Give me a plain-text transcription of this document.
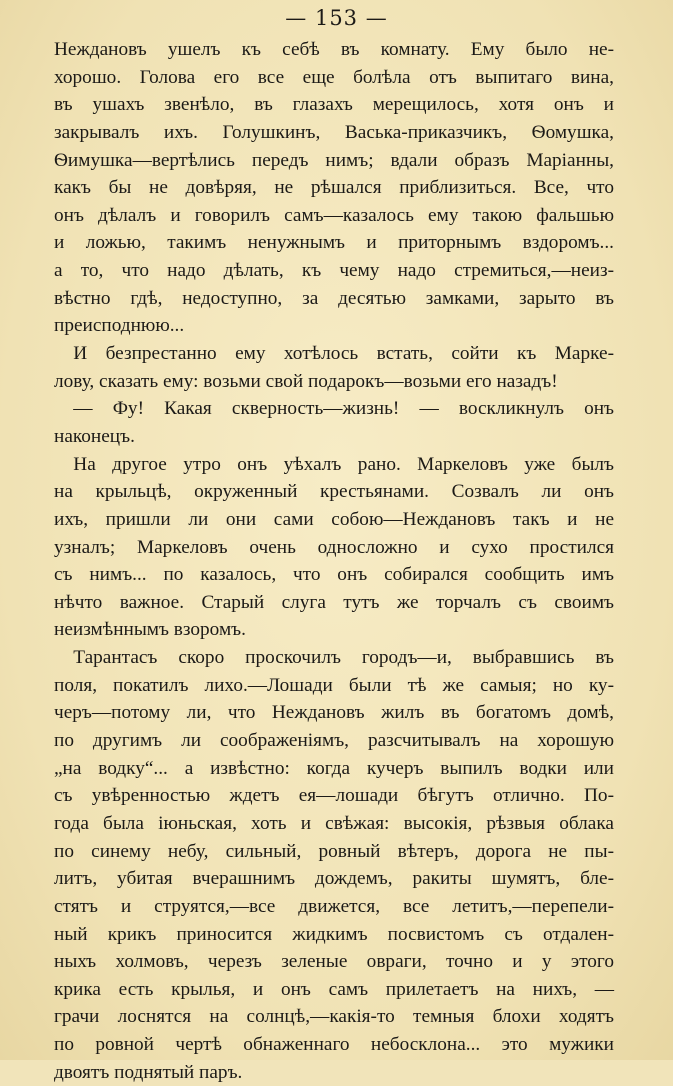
— 153 —
Неждановъ ушелъ къ себѣ въ комнату. Ему было не-
хорошо. Голова его все еще болѣла отъ выпитаго вина,
въ ушахъ звенѣло, въ глазахъ мерещилось, хотя онъ и
закрывалъ ихъ. Голушкинъ, Васька-приказчикъ, Ѳомушка,
Ѳимушка—вертѣлись передъ нимъ; вдали образъ Маріанны,
какъ бы не довѣряя, не рѣшался приблизиться. Все, что
онъ дѣлалъ и говорилъ самъ—казалось ему такою фальшью
и ложью, такимъ ненужнымъ и приторнымъ вздоромъ...
а то, что надо дѣлать, къ чему надо стремиться,—неиз-
вѣстно гдѣ, недоступно, за десятью замками, зарыто въ
преисподнюю...
 И безпрестанно ему хотѣлось встать, сойти къ Марке-
лову, сказать ему: возьми свой подарокъ—возьми его назадъ!
 — Фу! Какая скверность—жизнь! — воскликнулъ онъ
наконецъ.
 На другое утро онъ уѣхалъ рано. Маркеловъ уже былъ
на крыльцѣ, окруженный крестьянами. Созвалъ ли онъ
ихъ, пришли ли они сами собою—Неждановъ такъ и не
узналъ; Маркеловъ очень односложно и сухо простился
съ нимъ... по казалось, что онъ собирался сообщить имъ
нѣчто важное. Старый слуга тутъ же торчалъ съ своимъ
неизмѣннымъ взоромъ.
 Тарантасъ скоро проскочилъ городъ—и, выбравшись въ
поля, покатилъ лихо.—Лошади были тѣ же самыя; но ку-
черъ—потому ли, что Неждановъ жилъ въ богатомъ домѣ,
по другимъ ли соображеніямъ, разсчитывалъ на хорошую
„на водку“... а извѣстно: когда кучеръ выпилъ водки или
съ увѣренностью ждетъ ея—лошади бѣгутъ отлично. По-
года была іюньская, хоть и свѣжая: высокія, рѣзвыя облака
по синему небу, сильный, ровный вѣтеръ, дорога не пы-
литъ, убитая вчерашнимъ дождемъ, ракиты шумятъ, бле-
стятъ и струятся,—все движется, все летитъ,—перепели-
ный крикъ приносится жидкимъ посвистомъ съ отдален-
ныхъ холмовъ, черезъ зеленые овраги, точно и у этого
крика есть крылья, и онъ самъ прилетаетъ на нихъ, —
грачи лоснятся на солнцѣ,—какія-то темныя блохи ходятъ
по ровной чертѣ обнаженнаго небосклона... это мужики
двоятъ поднятый паръ.
